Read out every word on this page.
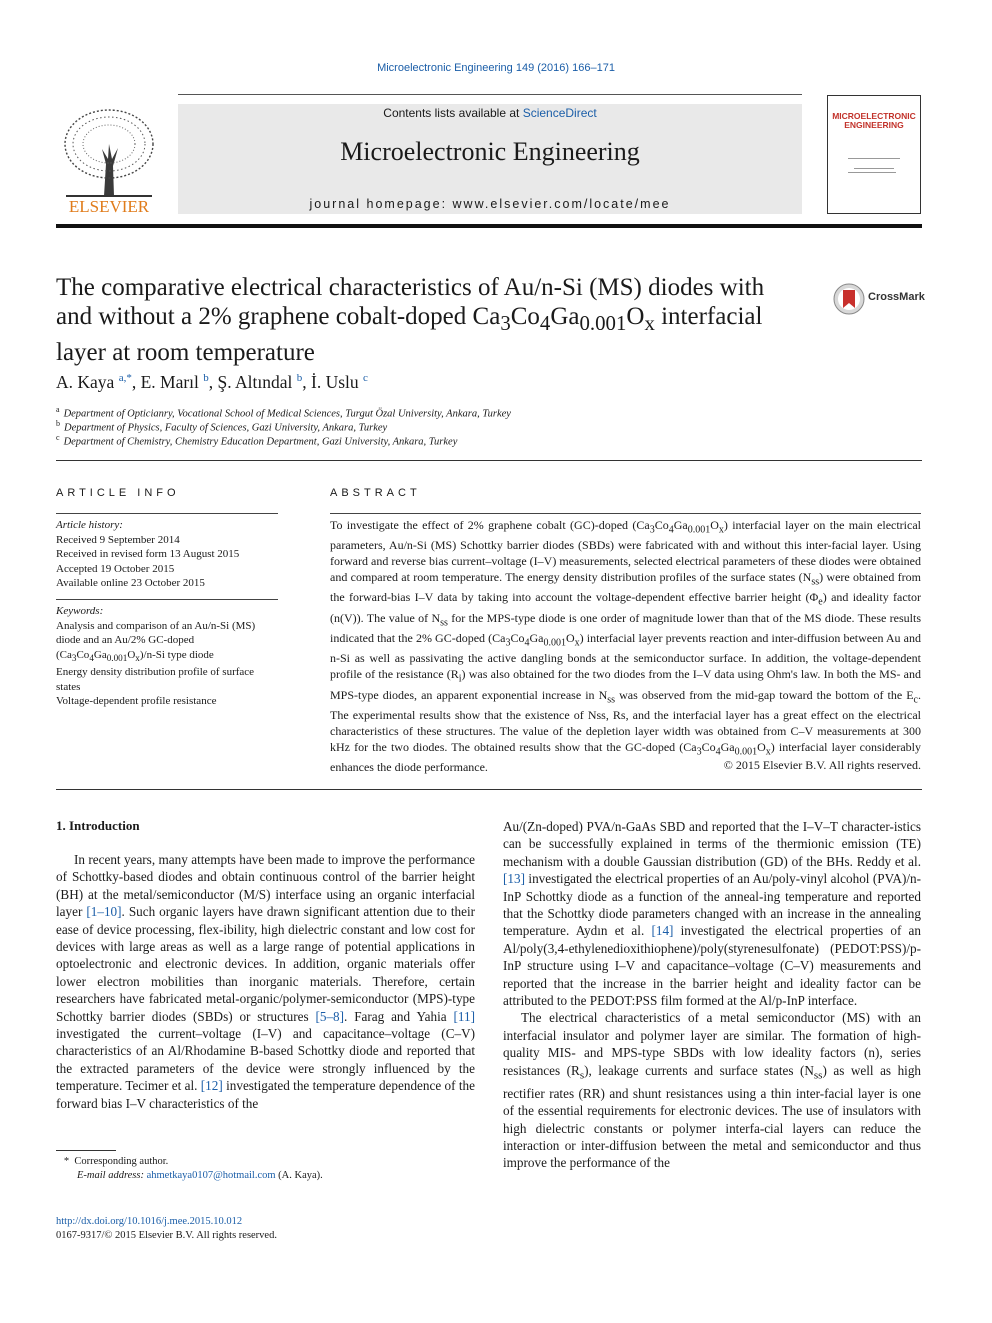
Microelectronic Engineering 149 (2016) 166–171
ELSEVIER
Contents lists available at ScienceDirect
Microelectronic Engineering
journal homepage: www.elsevier.com/locate/mee
MICROELECTRONIC
ENGINEERING
The comparative electrical characteristics of Au/n-Si (MS) diodes with
and without a 2% graphene cobalt-doped $Ca_3Co_4Ga_{0.001}O_x$ interfacial
layer at room temperature
CrossMark
A. Kaya $^{a,*}$, E. Marıl $^b$, Ş. Altındal $^b$, İ. Uslu $^c$
$^a$ Department of Opticianry, Vocational School of Medical Sciences, Turgut Özal University, Ankara, Turkey
$^b$ Department of Physics, Faculty of Sciences, Gazi University, Ankara, Turkey
$^c$ Department of Chemistry, Chemistry Education Department, Gazi University, Ankara, Turkey
ARTICLE INFO
Article history:
Received 9 September 2014
Received in revised form 13 August 2015
Accepted 19 October 2015
Available online 23 October 2015
Keywords:
Analysis and comparison of an Au/n-Si (MS) diode and an Au/2% GC-doped $(Ca_3Co_4Ga_{0.001}O_x)/n-Si$ type diode
Energy density distribution profile of surface states
Voltage-dependent profile resistance
ABSTRACT
To investigate the effect of 2% graphene cobalt (GC)-doped $(Ca_3Co_4Ga_{0.001}O_x)$ interfacial layer on the main electrical parameters, Au/n-Si (MS) Schottky barrier diodes (SBDs) were fabricated with and without this inter-facial layer. Using forward and reverse bias current–voltage (I–V) measurements, selected electrical parameters of these diodes were obtained and compared at room temperature. The energy density distribution profiles of the surface states $(N_{ss})$ were obtained from the forward-bias I–V data by taking into account the voltage-dependent effective barrier height $(\Phi_e)$ and ideality factor (n(V)). The value of $N_{ss}$ for the MPS-type diode is one order of magnitude lower than that of the MS diode. These results indicated that the 2% GC-doped $(Ca_3Co_4Ga_{0.001}O_x)$ interfacial layer prevents reaction and inter-diffusion between Au and n-Si as well as passivating the active dangling bonds at the semiconductor surface. In addition, the voltage-dependent profile of the resistance $(R_i)$ was also obtained for the two diodes from the I–V data using Ohm's law. In both the MS- and MPS-type diodes, an apparent exponential increase in $N_{ss}$ was observed from the mid-gap toward the bottom of the $E_c$. The experimental results show that the existence of Nss, Rs, and the interfacial layer has a great effect on the electrical characteristics of these structures. The value of the depletion layer width was obtained from C–V measurements at 300 kHz for the two diodes. The obtained results show that the GC-doped $(Ca_3Co_4Ga_{0.001}O_x)$ interfacial layer considerably enhances the diode performance.	© 2015 Elsevier B.V. All rights reserved.
1. Introduction

In recent years, many attempts have been made to improve the performance of Schottky-based diodes and obtain continuous control of the barrier height (BH) at the metal/semiconductor (M/S) interface using an organic interfacial layer [1–10]. Such organic layers have drawn significant attention due to their ease of device processing, flex-ibility, high dielectric constant and low cost for devices with large areas as well as a large range of potential applications in optoelectronic and electronic devices. In addition, organic materials offer lower electron mobilities than inorganic materials. Therefore, certain researchers have fabricated metal-organic/polymer-semiconductor (MPS)-type Schottky barrier diodes (SBDs) or structures [5–8]. Farag and Yahia [11] investigated the current–voltage (I–V) and capacitance–voltage (C–V) characteristics of an Al/Rhodamine B-based Schottky diode and reported that the extracted parameters of the device were strongly influenced by the temperature. Tecimer et al. [12] investigated the temperature dependence of the forward bias I–V characteristics of the

Au/(Zn-doped) PVA/n-GaAs SBD and reported that the I–V–T character-istics can be successfully explained in terms of the thermionic emission (TE) mechanism with a double Gaussian distribution (GD) of the BHs. Reddy et al. [13] investigated the electrical properties of an Au/poly-vinyl alcohol (PVA)/n-InP Schottky diode as a function of the anneal-ing temperature and reported that the Schottky diode parameters changed with an increase in the annealing temperature. Aydın et al. [14] investigated the electrical properties of an Al/poly(3,4-ethylenedioxithiophene)/poly(styrenesulfonate) (PEDOT:PSS)/p-InP structure using I–V and capacitance–voltage (C–V) measurements and reported that the increase in the barrier height and ideality factor can be attributed to the PEDOT:PSS film formed at the Al/p-InP interface.

The electrical characteristics of a metal semiconductor (MS) with an interfacial insulator and polymer layer are similar. The formation of high-quality MIS- and MPS-type SBDs with low ideality factors (n), series resistances $(R_s)$, leakage currents and surface states $(N_{ss})$ as well as high rectifier rates (RR) and shunt resistances using a thin inter-facial layer is one of the essential requirements for electronic devices. The use of insulators with high dielectric constants or polymer interfa-cial layers can reduce the interaction or inter-diffusion between the metal and semiconductor and thus improve the performance of the

* Corresponding author.
E-mail address: ahmetkaya0107@hotmail.com (A. Kaya).
http://dx.doi.org/10.1016/j.mee.2015.10.012
0167-9317/© 2015 Elsevier B.V. All rights reserved.
